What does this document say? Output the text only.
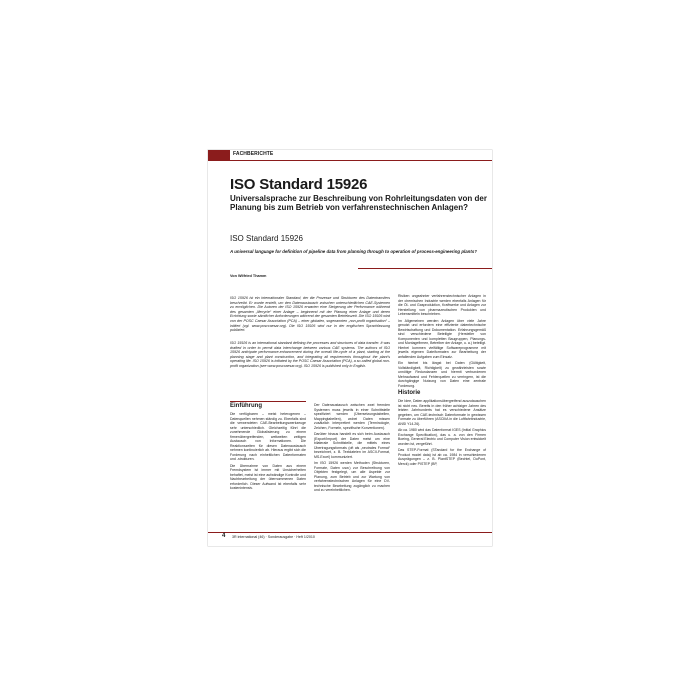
FACHBERICHTE
ISO Standard 15926
Universalsprache zur Beschreibung von Rohrleitungsdaten von der Planung bis zum Betrieb von verfahrenstechnischen Anlagen?
ISO Standard 15926
A universal language for definition of pipeline data from planning through to operation of process-engineering plants?
Von Wilfried Thamm
ISO 15926 ist ein internationaler Standard, der die Prozesse und Strukturen des Datentransfers beschreibt. Er wurde erstellt, um den Datenaustausch zwischen unterschiedlichen CAE-Systemen zu ermöglichen. Die Autoren der ISO 15926 erwarten eine Steigerung der Performance während des gesamten „lifecycle“ einer Anlage – beginnend mit der Planung einer Anlage und deren Errichtung sowie sämtlicher Anforderungen während der gesamten Betriebszeit. Die ISO 15926 wird von der POSC Caesar Association (PCA) – einer globalen, sogenannten „non-profit organisation“ – initiiert (vgl. www.posccaesar.org). Die ISO 15926 wird nur in der englischen Sprachfassung publiziert.
ISO 15926 is an international standard defining the processes and structures of data transfer. It was drafted in order to permit data interchange between various CAE systems. The authors of ISO 15926 anticipate performance-enhancement during the overall life-cycle of a plant, starting at the planning stage and plant construction, and integrating all requirements throughout the plant's operating life. ISO 15926 is initiated by the POSC Caesar Association (PCA), a so-called global non-profit organization (see www.posccaesar.org). ISO 15926 is published only in English.

Risiken ungeahnter verfahrenstechnischer Anlagen in der chemischen Industrie werden ebenfalls Anlagen für die Öl- und Gasproduktion, Kraftwerke und Anlagen zur Herstellung von pharmazeutischen Produkten und Lebensmitteln beschrieben.

Im Allgemeinen werden Anlagen über viele Jahre genutzt und erfordern eine effiziente datentechnische Bewirtschaftung und Dokumentation. Erfahrungsgemäß sind verschiedene Beteiligte (Hersteller von Komponenten und kompletten Baugruppen, Planungs- und Montagefirmen, Betreiber der Anlage, u. a.) beteiligt. Hierbei kommen vielfältige Softwareprogramme mit jeweils eigenen Dateiformaten zur Bearbeitung der anfallenden Aufgaben zum Einsatz.

Ein hierbei bis längst bei Daten (Gültigkeit, Vollständigkeit, Richtigkeit) zu gewährleisten sowie unnötige Redundanzen und hiermit verbundenen Mehraufwand und Fehlerquellen zu verringern, ist die durchgängige Nutzung von Daten eine zentrale Forderung.

Historie

Die Idee, Daten applikationsübergreifend auszutauschen ist nicht neu. Bereits in den früher achtziger Jahren des letzten Jahrhunderts hat es verschiedene Ansätze gegeben, um CAE-technisch Datenformate in gewissen Formate zu überführen (ASCIIiA in die Luftfahrtindustrie, ANSI Y14.26).

Ab ca. 1980 wird das Datenformat IGES (Initial Graphics Exchange Specification), das u. a. von den Firmen Boeing, General Electric und Computer Vision entwickelt worden ist, vergeführt.

Das STEP-Format (STandard for the Exchange of Product model data) ist ab ca. 1984 in verschiedenen Ausprägungen – z. B. PlantSTEP (Bechtel, DuPont, Merck) oder PISTEP (BP,

Einführung

Die verfügbaren – meist heterogenen – Datenquellen nehmen ständig zu. Ebenfalls sind die verwendeten CAE-Bearbeitungswerkzeuge sehr unterschiedlich. Gleichzeitig führt die zunehmende Globalisierung zu einem firmenübergreifenden, weltweiten zeitigen Austausch von Informationen. Die Reaktionszeiten für diesen Datenaustausch nehmen kontinuierlich ab. Hieraus ergibt sich die Forderung nach einheitlichen Datenformaten und -strukturen.

Die Übernahme von Daten aus einem Fremdsystem ist immer mit Unsicherheiten behaftet, meist ist eine aufwändige Kontrolle und Nachbearbeitung der übernommenen Daten erforderlich. Dieser Aufwand ist ebenfalls sehr kostenintensiv.

Der Datenaustausch zwischen zwei fremden Systemen muss jeweils in einer Schnittstelle spezifiziert werden (Übersetzungstabellen, Mappingtabellen), wobei Daten missen zusätzlich interpretiert werden (Terminologie, Zeichen, Formeln, spezifische Konventionen).

Darüber hinaus handelt es sich beim Austausch (Export/Import) der Daten meist um eine bilaterale Schnittstelle, die mittels eines Übertragungsformats (oft als „neutrales Format“ bezeichnet, z. B. Textdateien im ASCII-Format, MS-Excel) kommuniziert.

Im ISO 15926 werden Methoden (Strukturen, Formate, Daten usw.) zur Beschreibung von Objekten festgelegt, um alle Aspekte zur Planung, zum Betrieb und zur Wartung von verfahrenstechnischen Anlagen für eine DV-technische Bearbeitung zugänglich zu machen und zu vereinheitlichen.

4 3R international (46) · Sonderausgabe · Heft 1/2010
